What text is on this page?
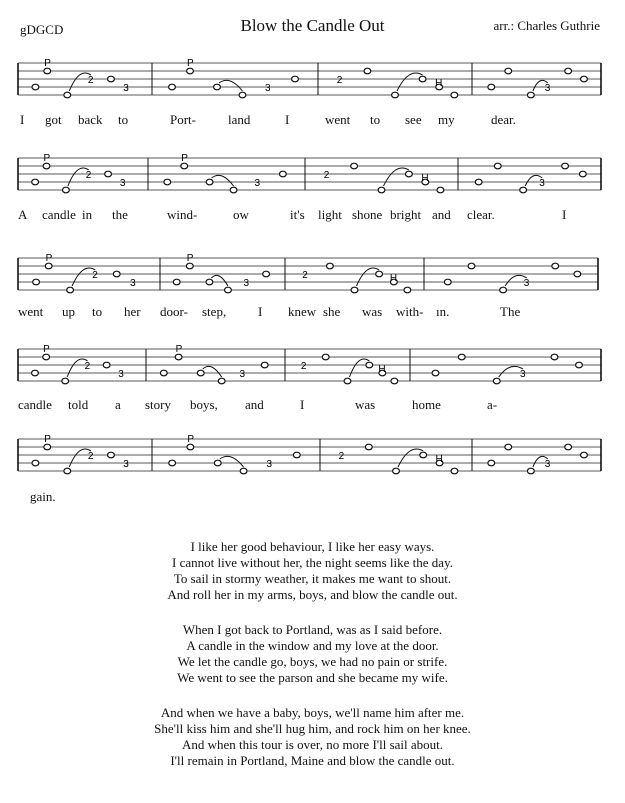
gDGCD	Blow the Candle Out	arr.: Charles Guthrie
P
2
3
P
3
2	H	3
I got back to	Port- land	I	went to see my	dear.
P
2
3
P
3
2	H	3
A candle in the	wind-	ow	it's light shone bright and clear.	I
P
2
3
P
3
2	H	3
went up to her door- step, I knew she was with- ın.	The
P
2
3
P
3
2	H	3
candle told a story boys, and	I	was	home	a-
P
2
3
P
3
2	H	3
gain.
I like her good behaviour, I like her easy ways.
I cannot live without her, the night seems like the day.
To sail in stormy weather, it makes me want to shout.
And roll her in my arms, boys, and blow the candle out.
When I got back to Portland, was as I said before.
A candle in the window and my love at the door.
We let the candle go, boys, we had no pain or strife.
We went to see the parson and she became my wife.
And when we have a baby, boys, we'll name him after me.
She'll kiss him and she'll hug him, and rock him on her knee.
And when this tour is over, no more I'll sail about.
I'll remain in Portland, Maine and blow the candle out.
